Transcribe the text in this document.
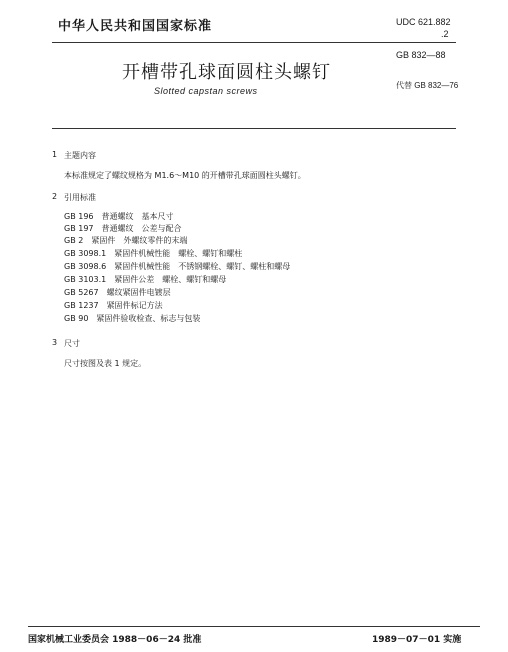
中华人民共和国国家标准	UDC 621.882
.2
开槽带孔球面圆柱头螺钉
GB 832—88
Slotted capstan screws
代替 GB 832—76
1 主题内容
本标准规定了螺纹规格为 M1.6～M10 的开槽带孔球面圆柱头螺钉。
2 引用标准
GB 196　普通螺纹　基本尺寸
GB 197　普通螺纹　公差与配合
GB 2　紧固件　外螺纹零件的末端
GB 3098.1　紧固件机械性能　螺栓、螺钉和螺柱
GB 3098.6　紧固件机械性能　不锈钢螺栓、螺钉、螺柱和螺母
GB 3103.1　紧固件公差　螺栓、螺钉和螺母
GB 5267　螺纹紧固件电镀层
GB 1237　紧固件标记方法
GB 90　紧固件验收检查、标志与包装
3 尺寸
尺寸按图及表 1 规定。
国家机械工业委员会 1988－06－24 批准	1989－07－01 实施
